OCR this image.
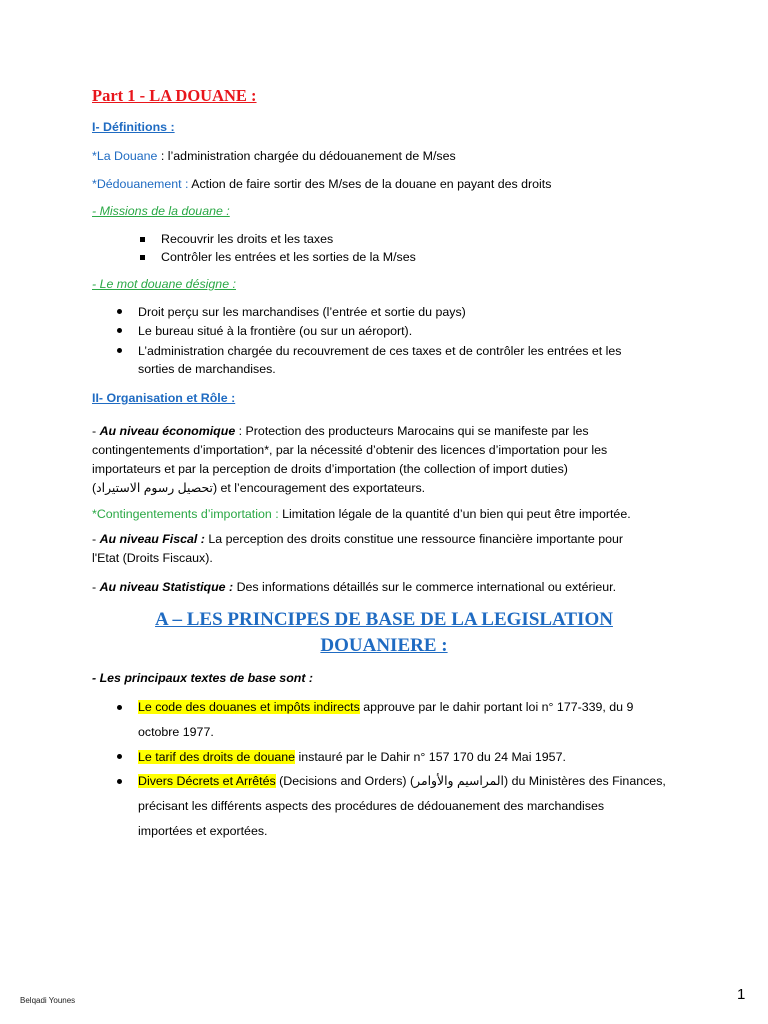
Part 1 - LA DOUANE :
I- Définitions :
*La Douane : l’administration chargée du dédouanement de M/ses
*Dédouanement : Action de faire sortir des M/ses de la douane en payant des droits
- Missions de la douane :
Recouvrir les droits et les taxes
Contrôler les entrées et les sorties de la M/ses
- Le mot douane désigne :
Droit perçu sur les marchandises (l’entrée et sortie du pays)
Le bureau situé à la frontière (ou sur un aéroport).
L’administration chargée du recouvrement de ces taxes et de contrôler les entrées et les
sorties de marchandises.
II- Organisation et Rôle :
- Au niveau économique : Protection des producteurs Marocains qui se manifeste par les
contingentements d’importation*, par la nécessité d’obtenir des licences d’importation pour les
importateurs et par la perception de droits d’importation (the collection of import duties)
(تحصيل رسوم الاستيراد) et l’encouragement des exportateurs.
*Contingentements d’importation : Limitation légale de la quantité d’un bien qui peut être importée.
- Au niveau Fiscal : La perception des droits constitue une ressource financière importante pour
l'Etat (Droits Fiscaux).
- Au niveau Statistique : Des informations détaillés sur le commerce international ou extérieur.
A – LES PRINCIPES DE BASE DE LA LEGISLATION
DOUANIERE :
- Les principaux textes de base sont :
Le code des douanes et impôts indirects approuve par le dahir portant loi n° 177-339, du 9
octobre 1977.
Le tarif des droits de douane instauré par le Dahir n° 157 170 du 24 Mai 1957.
Divers Décrets et Arrêtés (Decisions and Orders) (المراسيم والأوامر) du Ministères des Finances,
précisant les différents aspects des procédures de dédouanement des marchandises
importées et exportées.
Belqadi Younes	1
